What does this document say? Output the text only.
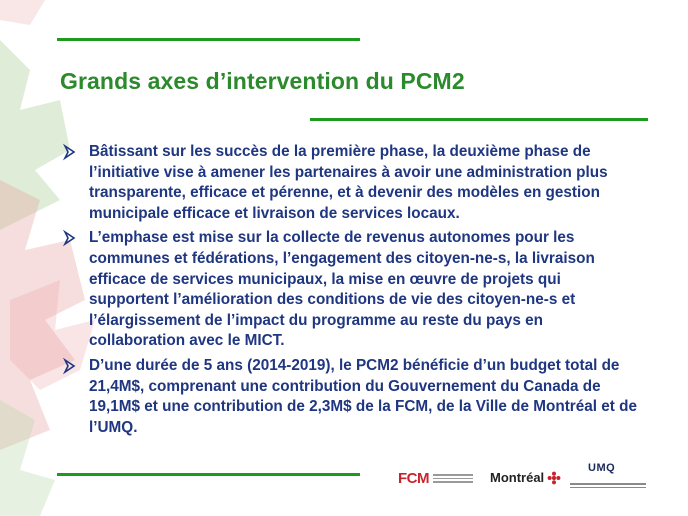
Grands axes d’intervention du PCM2
Bâtissant sur les succès de la première phase, la deuxième phase de l’initiative vise à amener les partenaires à avoir une administration plus transparente, efficace et pérenne, et à devenir des modèles en gestion municipale efficace et livraison de services locaux.
L’emphase est mise sur la collecte de revenus autonomes pour les communes et fédérations, l’engagement des citoyen-ne-s, la livraison efficace de services municipaux, la mise en œuvre de projets qui supportent l’amélioration des conditions de vie des citoyen-ne-s et l’élargissement de l’impact du programme au reste du pays en collaboration avec le MICT.
D’une durée de 5 ans (2014-2019), le PCM2 bénéficie d’un budget total de 21,4M$, comprenant une contribution du Gouvernement du Canada de 19,1M$ et une contribution de 2,3M$ de la FCM, de la Ville de Montréal et de l’UMQ.
FCM	Montréal
UMQ
